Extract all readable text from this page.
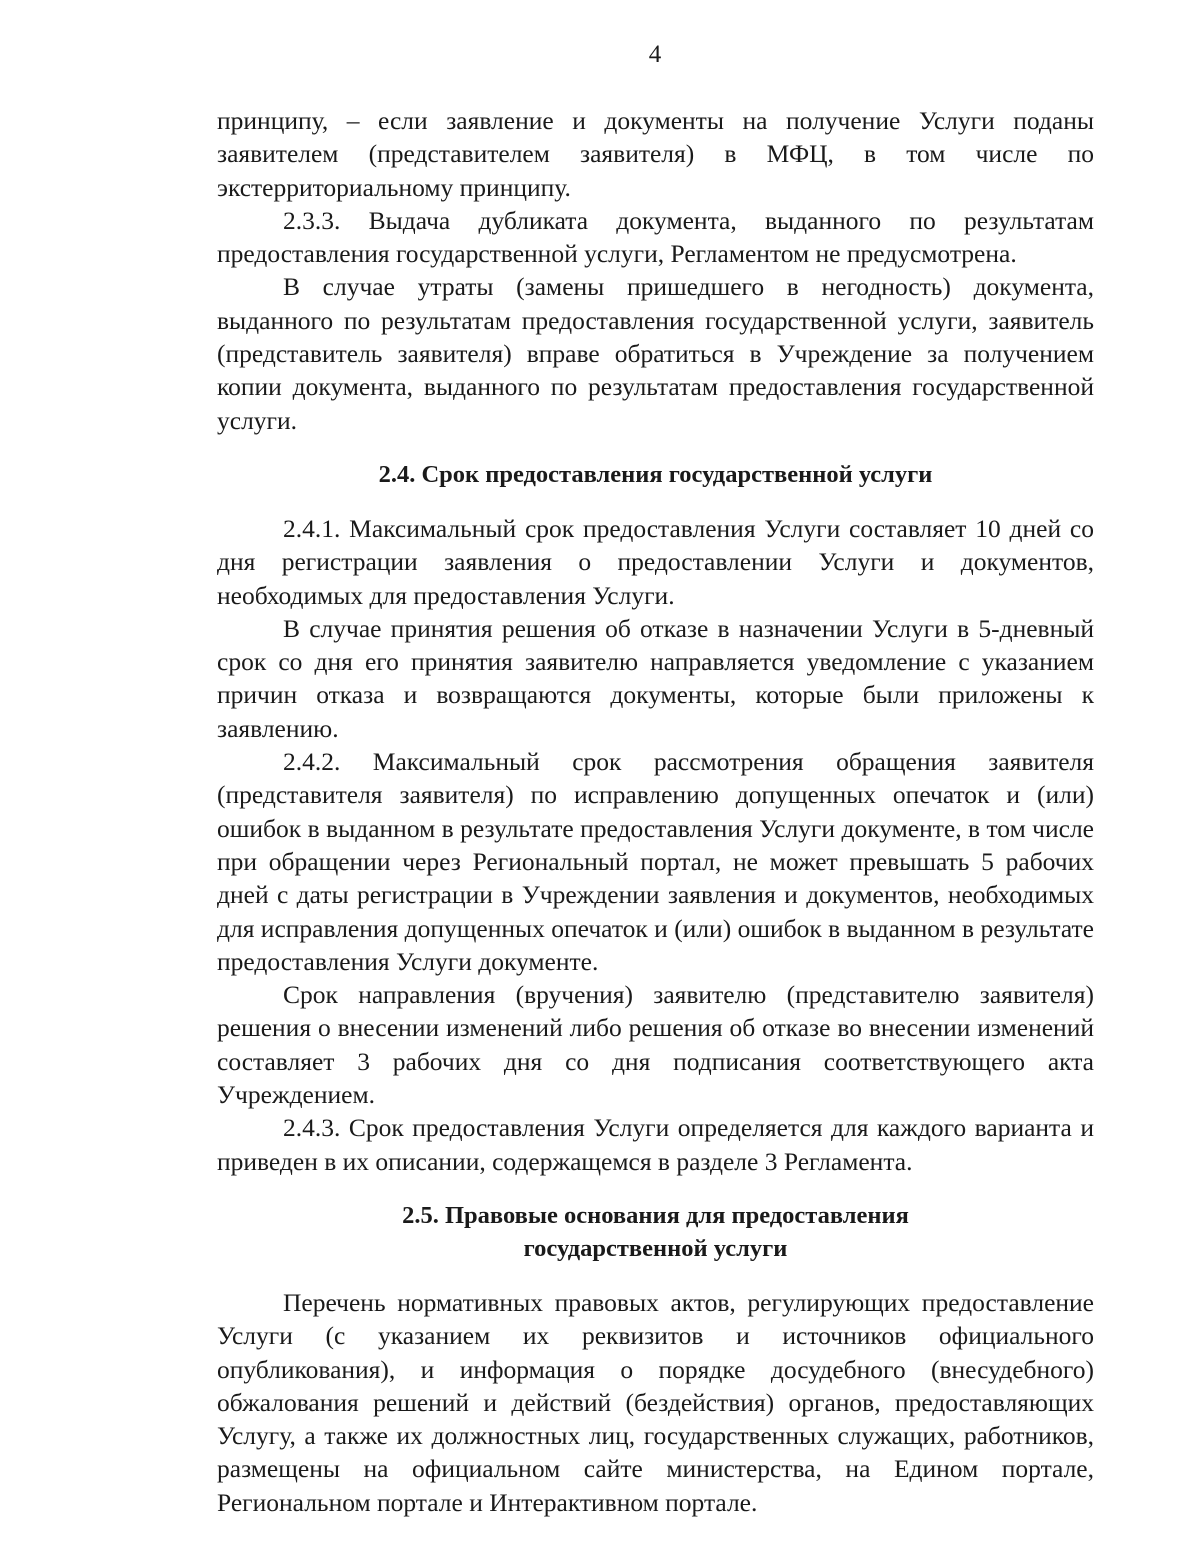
4

принципу, – если заявление и документы на получение Услуги поданы заявителем (представителем заявителя) в МФЦ, в том числе по экстерриториальному принципу.

2.3.3. Выдача дубликата документа, выданного по результатам предоставления государственной услуги, Регламентом не предусмотрена.

В случае утраты (замены пришедшего в негодность) документа, выданного по результатам предоставления государственной услуги, заявитель (представитель заявителя) вправе обратиться в Учреждение за получением копии документа, выданного по результатам предоставления государственной услуги.

2.4. Срок предоставления государственной услуги

2.4.1. Максимальный срок предоставления Услуги составляет 10 дней со дня регистрации заявления о предоставлении Услуги и документов, необходимых для предоставления Услуги.

В случае принятия решения об отказе в назначении Услуги в 5-дневный срок со дня его принятия заявителю направляется уведомление с указанием причин отказа и возвращаются документы, которые были приложены к заявлению.

2.4.2. Максимальный срок рассмотрения обращения заявителя (представителя заявителя) по исправлению допущенных опечаток и (или) ошибок в выданном в результате предоставления Услуги документе, в том числе при обращении через Региональный портал, не может превышать 5 рабочих дней с даты регистрации в Учреждении заявления и документов, необходимых для исправления допущенных опечаток и (или) ошибок в выданном в результате предоставления Услуги документе.

Срок направления (вручения) заявителю (представителю заявителя) решения о внесении изменений либо решения об отказе во внесении изменений составляет 3 рабочих дня со дня подписания соответствующего акта Учреждением.

2.4.3. Срок предоставления Услуги определяется для каждого варианта и приведен в их описании, содержащемся в разделе 3 Регламента.

2.5. Правовые основания для предоставления
государственной услуги

Перечень нормативных правовых актов, регулирующих предоставление Услуги (с указанием их реквизитов и источников официального опубликования), и информация о порядке досудебного (внесудебного) обжалования решений и действий (бездействия) органов, предоставляющих Услугу, а также их должностных лиц, государственных служащих, работников, размещены на официальном сайте министерства, на Едином портале, Региональном портале и Интерактивном портале.
